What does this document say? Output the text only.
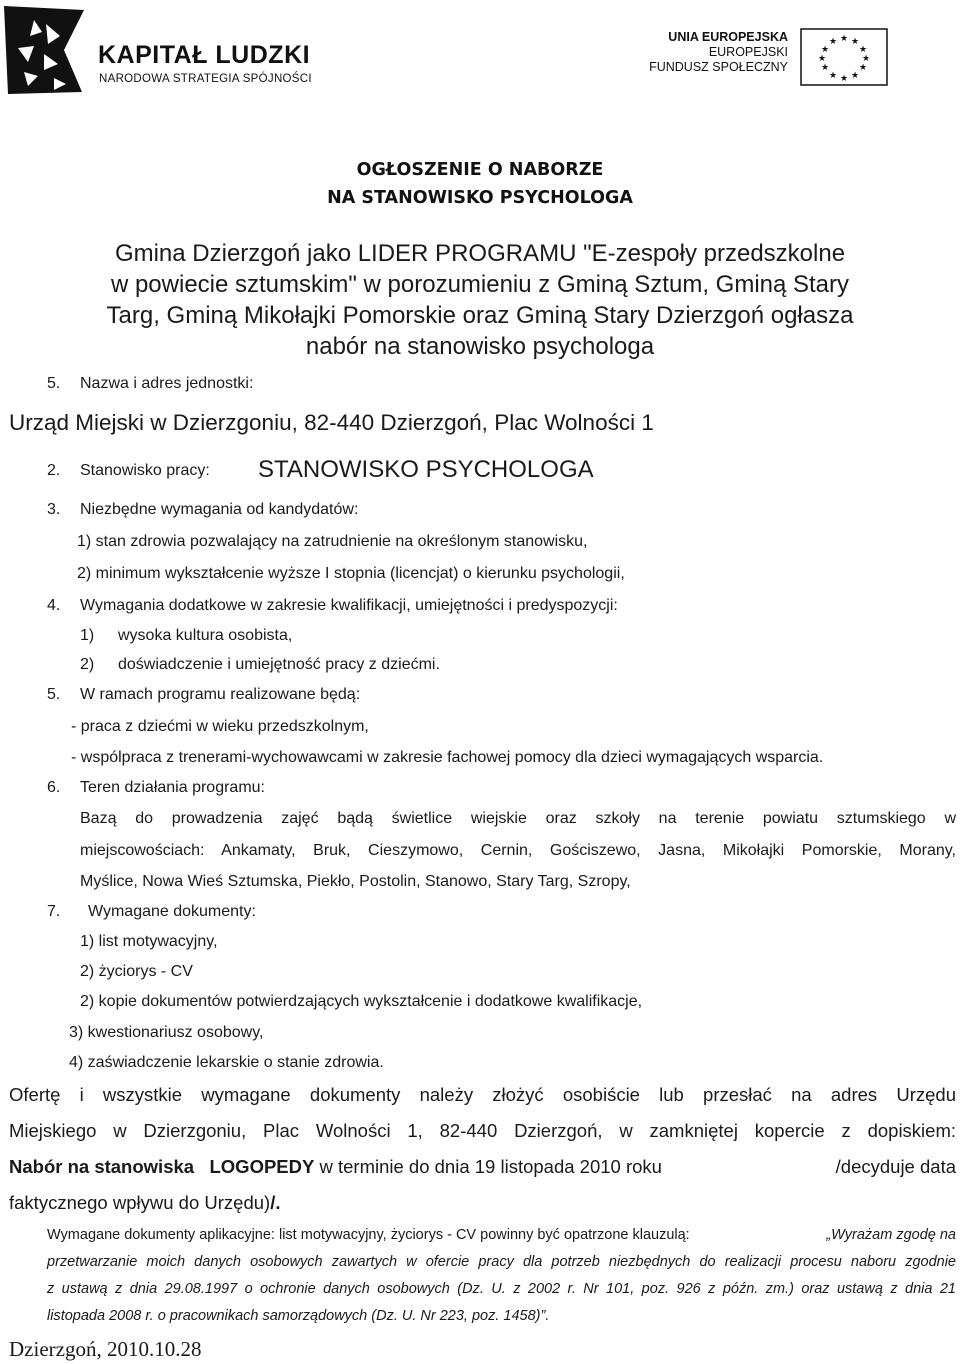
KAPITAŁ LUDZKI
NARODOWA STRATEGIA SPÓJNOŚCI
UNIA EUROPEJSKA
EUROPEJSKI
FUNDUSZ SPOŁECZNY
★ ★
★
★
★
★
★
★
★
★
★
★
OGŁOSZENIE O NABORZE
NA STANOWISKO PSYCHOLOGA
Gmina Dzierzgoń jako LIDER PROGRAMU "E-zespoły przedszkolne
w powiecie sztumskim" w porozumieniu z Gminą Sztum, Gminą Stary
Targ, Gminą Mikołajki Pomorskie oraz Gminą Stary Dzierzgoń ogłasza
nabór na stanowisko psychologa
5. Nazwa i adres jednostki:
Urząd Miejski w Dzierzgoniu, 82-440 Dzierzgoń, Plac Wolności 1
2. Stanowisko pracy: STANOWISKO PSYCHOLOGA
3. Niezbędne wymagania od kandydatów:
1) stan zdrowia pozwalający na zatrudnienie na określonym stanowisku,
2) minimum wykształcenie wyższe I stopnia (licencjat) o kierunku psychologii,
4. Wymagania dodatkowe w zakresie kwalifikacji, umiejętności i predyspozycji:
1) wysoka kultura osobista,
2) doświadczenie i umiejętność pracy z dziećmi.
5. W ramach programu realizowane będą:
- praca z dziećmi w wieku przedszkolnym,
- wspólpraca z trenerami-wychowawcami w zakresie fachowej pomocy dla dzieci wymagających wsparcia.
6. Teren działania programu:
Bazą do prowadzenia zajęć bądą świetlice wiejskie oraz szkoły na terenie powiatu sztumskiego w
miejscowościach: Ankamaty, Bruk, Cieszymowo, Cernin, Gościszewo, Jasna, Mikołajki Pomorskie, Morany,
Myślice, Nowa Wieś Sztumska, Piekło, Postolin, Stanowo, Stary Targ, Szropy,
7. Wymagane dokumenty:
1) list motywacyjny,
2) życiorys - CV
2) kopie dokumentów potwierdzających wykształcenie i dodatkowe kwalifikacje,
3) kwestionariusz osobowy,
4) zaświadczenie lekarskie o stanie zdrowia.
Ofertę i wszystkie wymagane dokumenty należy złożyć osobiście lub przesłać na adres Urzędu
Miejskiego w Dzierzgoniu, Plac Wolności 1, 82-440 Dzierzgoń, w zamkniętej kopercie z dopiskiem:
Nabór na stanowiska LOGOPEDY w terminie do dnia 19 listopada 2010 roku	/decyduje data
faktycznego wpływu do Urzędu)/.
Wymagane dokumenty aplikacyjne: list motywacyjny, życiorys - CV powinny być opatrzone klauzulą:	„Wyrażam zgodę na
przetwarzanie moich danych osobowych zawartych w ofercie pracy dla potrzeb niezbędnych do realizacji procesu naboru zgodnie
z ustawą z dnia 29.08.1997 o ochronie danych osobowych (Dz. U. z 2002 r. Nr 101, poz. 926 z późn. zm.) oraz ustawą z dnia 21
listopada 2008 r. o pracownikach samorządowych (Dz. U. Nr 223, poz. 1458)”.
Dzierzgoń, 2010.10.28
